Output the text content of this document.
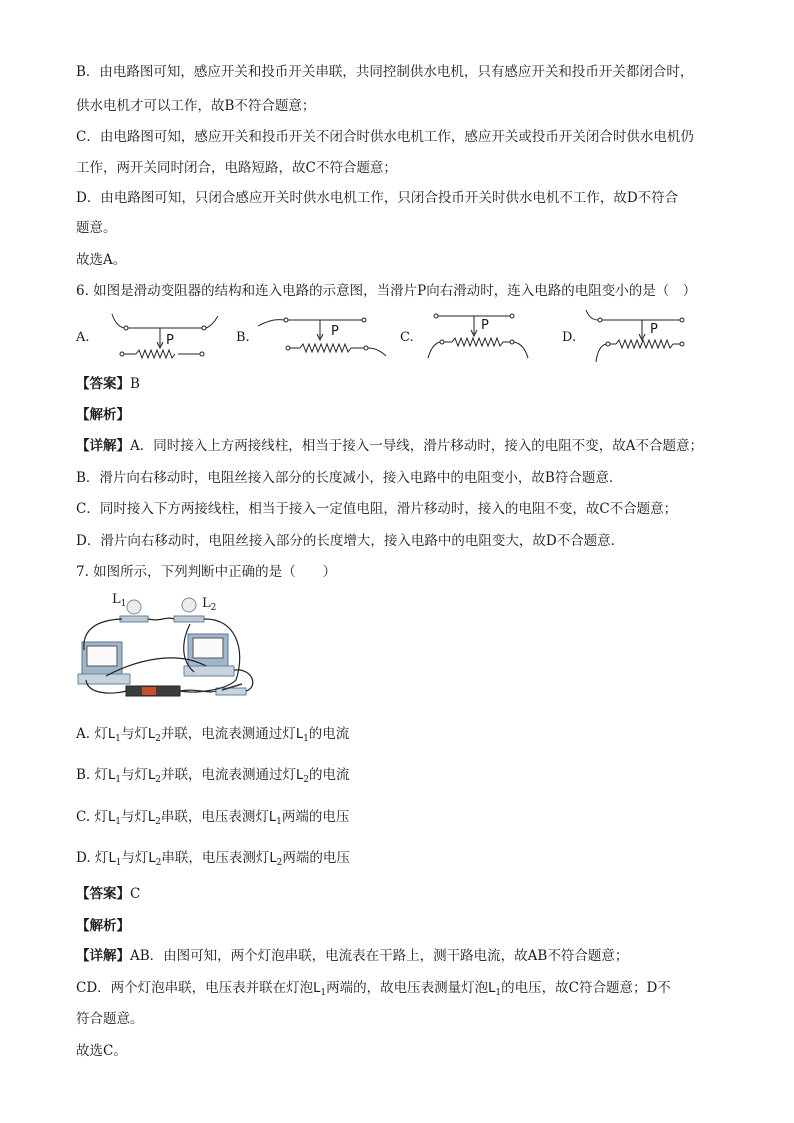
B．由电路图可知，感应开关和投币开关串联，共同控制供水电机，只有感应开关和投币开关都闭合时，
供水电机才可以工作，故B不符合题意；
C．由电路图可知，感应开关和投币开关不闭合时供水电机工作，感应开关或投币开关闭合时供水电机仍
工作，两开关同时闭合，电路短路，故C不符合题意；
D．由电路图可知，只闭合感应开关时供水电机工作，只闭合投币开关时供水电机不工作，故D不符合
题意。
故选A。
6. 如图是滑动变阻器的结构和连入电路的示意图，当滑片P向右滑动时，连入电路的电阻变小的是（　）
A.	B.	C.	D.
P
P	P	P
【答案】B
【解析】
【详解】A．同时接入上方两接线柱，相当于接入一导线，滑片移动时，接入的电阻不变，故A不合题意；
B．滑片向右移动时，电阻丝接入部分的长度减小，接入电路中的电阻变小，故B符合题意．
C．同时接入下方两接线柱，相当于接入一定值电阻，滑片移动时，接入的电阻不变，故C不合题意；
D．滑片向右移动时，电阻丝接入部分的长度增大，接入电路中的电阻变大，故D不合题意．
7. 如图所示，下列判断中正确的是（　　）
$L_1$	$L_2$
A. 灯$L_1$与灯$L_2$并联，电流表测通过灯$L_1$的电流
B. 灯$L_1$与灯$L_2$并联，电流表测通过灯$L_2$的电流
C. 灯$L_1$与灯$L_2$串联，电压表测灯$L_1$两端的电压
D. 灯$L_1$与灯$L_2$串联，电压表测灯$L_2$两端的电压
【答案】C
【解析】
【详解】AB．由图可知，两个灯泡串联，电流表在干路上，测干路电流，故AB不符合题意；
CD．两个灯泡串联，电压表并联在灯泡$L_1$两端的，故电压表测量灯泡$L_1$的电压，故C符合题意；D不
符合题意。
故选C。
